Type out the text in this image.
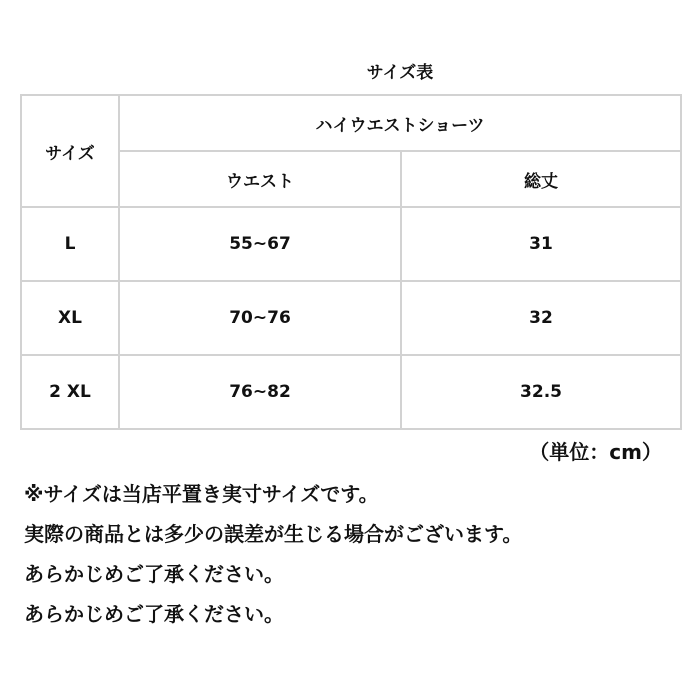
サイズ表
サイズ	ハイウエストショーツ	
	ウエスト	総丈
L	55~67	31
XL	70~76	32
2 XL	76~82	32.5
（単位：cm）
※サイズは当店平置き実寸サイズです。
実際の商品とは多少の誤差が生じる場合がございます。
あらかじめご了承ください。
あらかじめご了承ください。
